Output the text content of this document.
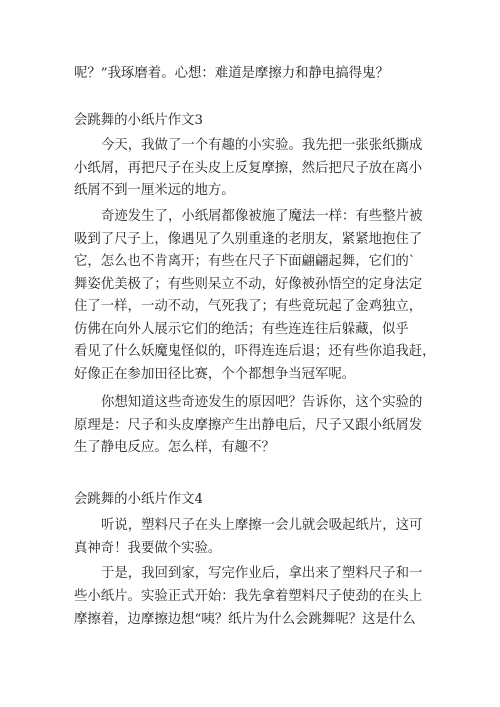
呢？”我琢磨着。心想：难道是摩擦力和静电搞得鬼？
会跳舞的小纸片作文3
今天，我做了一个有趣的小实验。我先把一张张纸撕成
小纸屑，再把尺子在头皮上反复摩擦，然后把尺子放在离小
纸屑不到一厘米远的地方。
奇迹发生了，小纸屑都像被施了魔法一样：有些整片被
吸到了尺子上，像遇见了久别重逢的老朋友，紧紧地抱住了
它，怎么也不肯离开；有些在尺子下面翩翩起舞，它们的`
舞姿优美极了；有些则呆立不动，好像被孙悟空的定身法定
住了一样，一动不动，气死我了；有些竟玩起了金鸡独立，
仿佛在向外人展示它们的绝活；有些连连往后躲藏，似乎
看见了什么妖魔鬼怪似的，吓得连连后退；还有些你追我赶，
好像正在参加田径比赛，个个都想争当冠军呢。
你想知道这些奇迹发生的原因吧？告诉你，这个实验的
原理是：尺子和头皮摩擦产生出静电后，尺子又跟小纸屑发
生了静电反应。怎么样，有趣不？
会跳舞的小纸片作文4
听说，塑料尺子在头上摩擦一会儿就会吸起纸片，这可
真神奇！我要做个实验。
于是，我回到家，写完作业后，拿出来了塑料尺子和一
些小纸片。实验正式开始：我先拿着塑料尺子使劲的在头上
摩擦着，边摩擦边想“咦？纸片为什么会跳舞呢？这是什么
